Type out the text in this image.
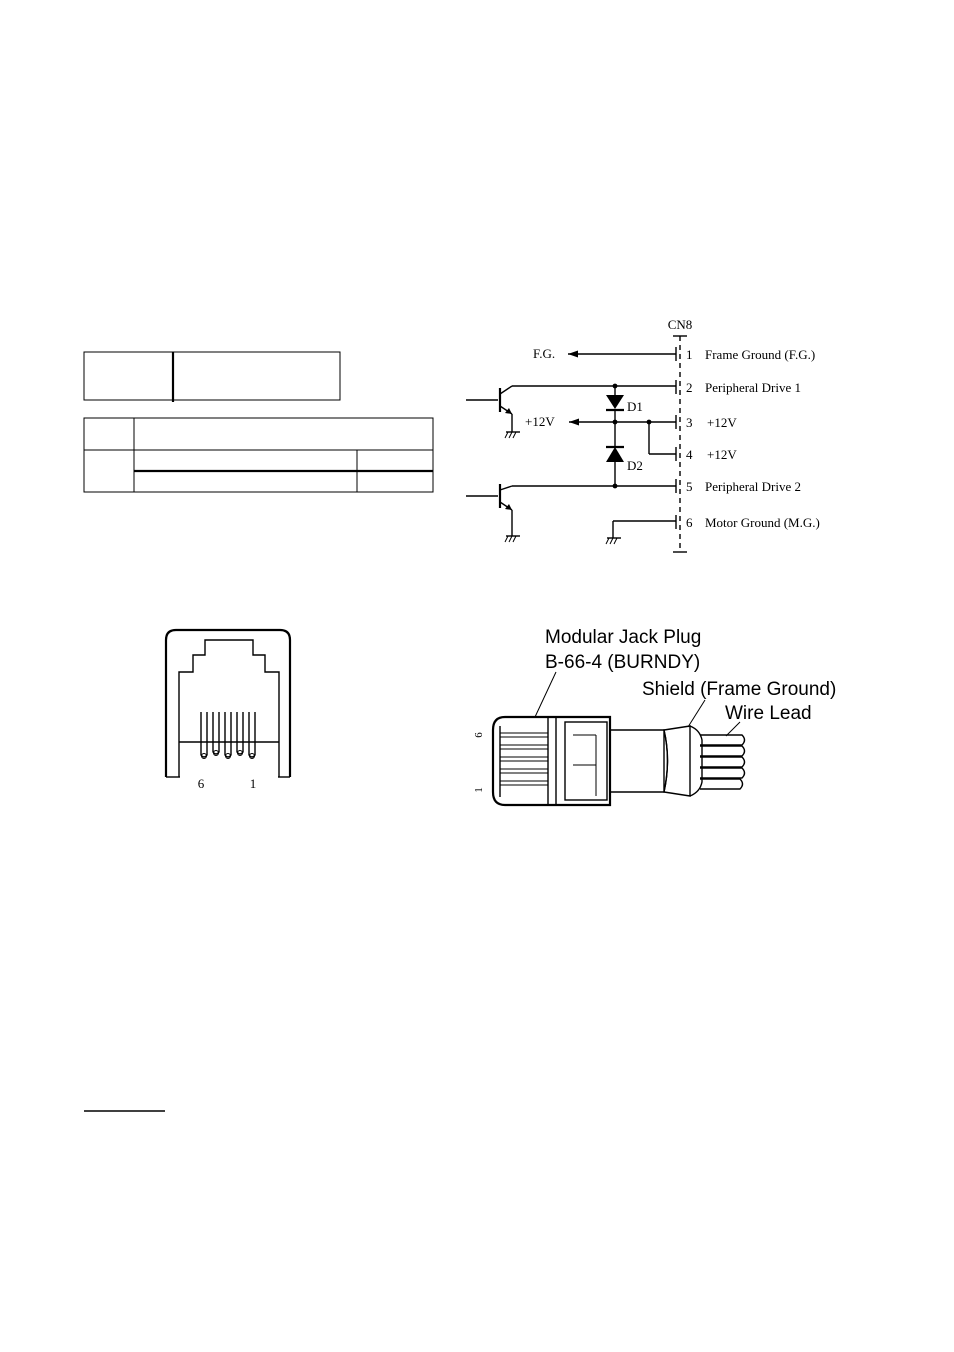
CN8
1 Frame Ground (F.G.)
2 Peripheral Drive 1
3 +12V
4 +12V
5 Peripheral Drive 2
6 Motor Ground (M.G.)
F.G.
D1
+12V
D2
6	1
Modular Jack Plug
B-66-4 (BURNDY)
Shield (Frame Ground)
Wire Lead
6
1
